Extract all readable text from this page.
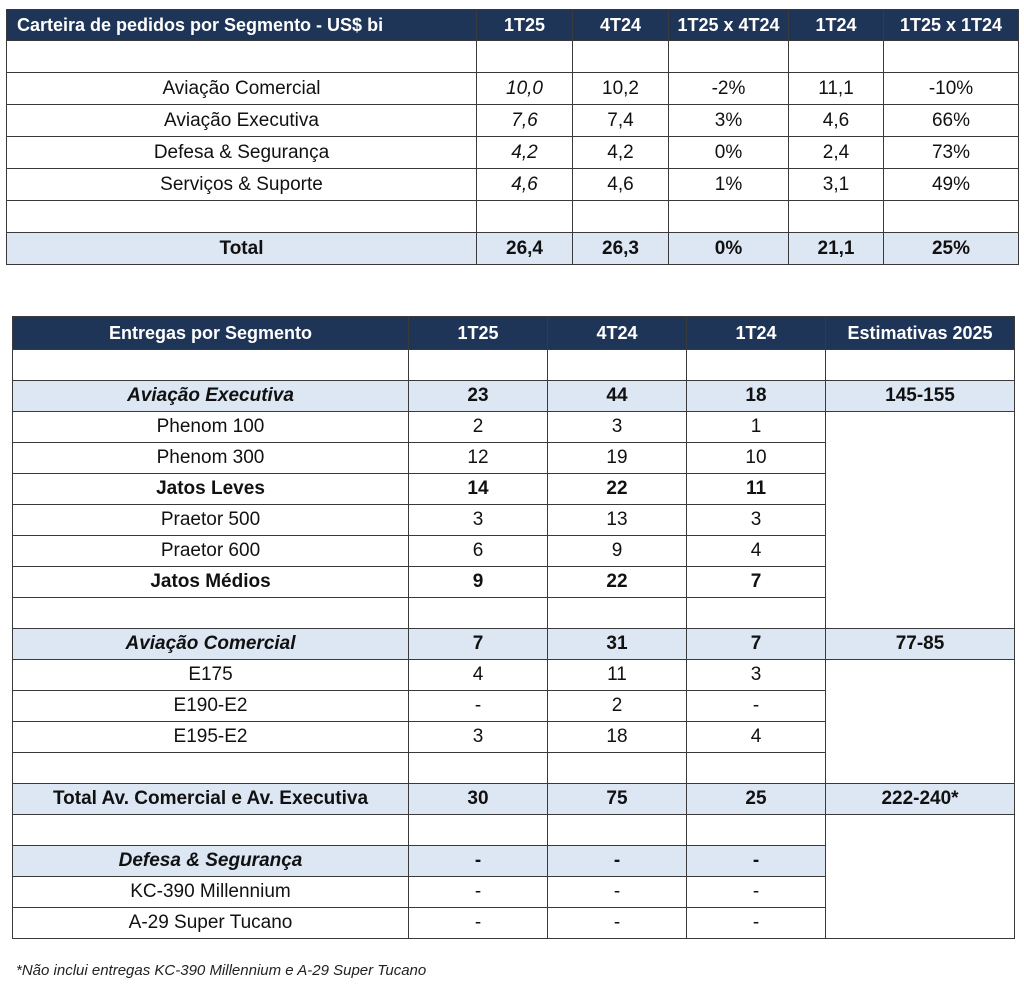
Carteira de pedidos por Segmento - US$ bi	1T25	4T24	1T25 x 4T24	1T24	1T25 x 1T24

Aviação Comercial	10,0	10,2	-2%	11,1	-10%
Aviação Executiva	7,6	7,4	3%	4,6	66%
Defesa & Segurança	4,2	4,2	0%	2,4	73%
Serviços & Suporte	4,6	4,6	1%	3,1	49%

Total	26,4	26,3	0%	21,1	25%
Entregas por Segmento	1T25	4T24	1T24	Estimativas 2025

Aviação Executiva	23	44	18	145-155
Phenom 100	2	3	1	
Phenom 300	12	19	10	
Jatos Leves	14	22	11	
Praetor 500	3	13	3	
Praetor 600	6	9	4	
Jatos Médios	9	22	7	

Aviação Comercial	7	31	7	77-85
E175	4	11	3	
E190-E2	-	2	-	
E195-E2	3	18	4	

Total Av. Comercial e Av. Executiva	30	75	25	222-240*

Defesa & Segurança	-	-	-	
KC-390 Millennium	-	-	-	
A-29 Super Tucano	-	-	-	
*Não inclui entregas KC-390 Millennium e A-29 Super Tucano
